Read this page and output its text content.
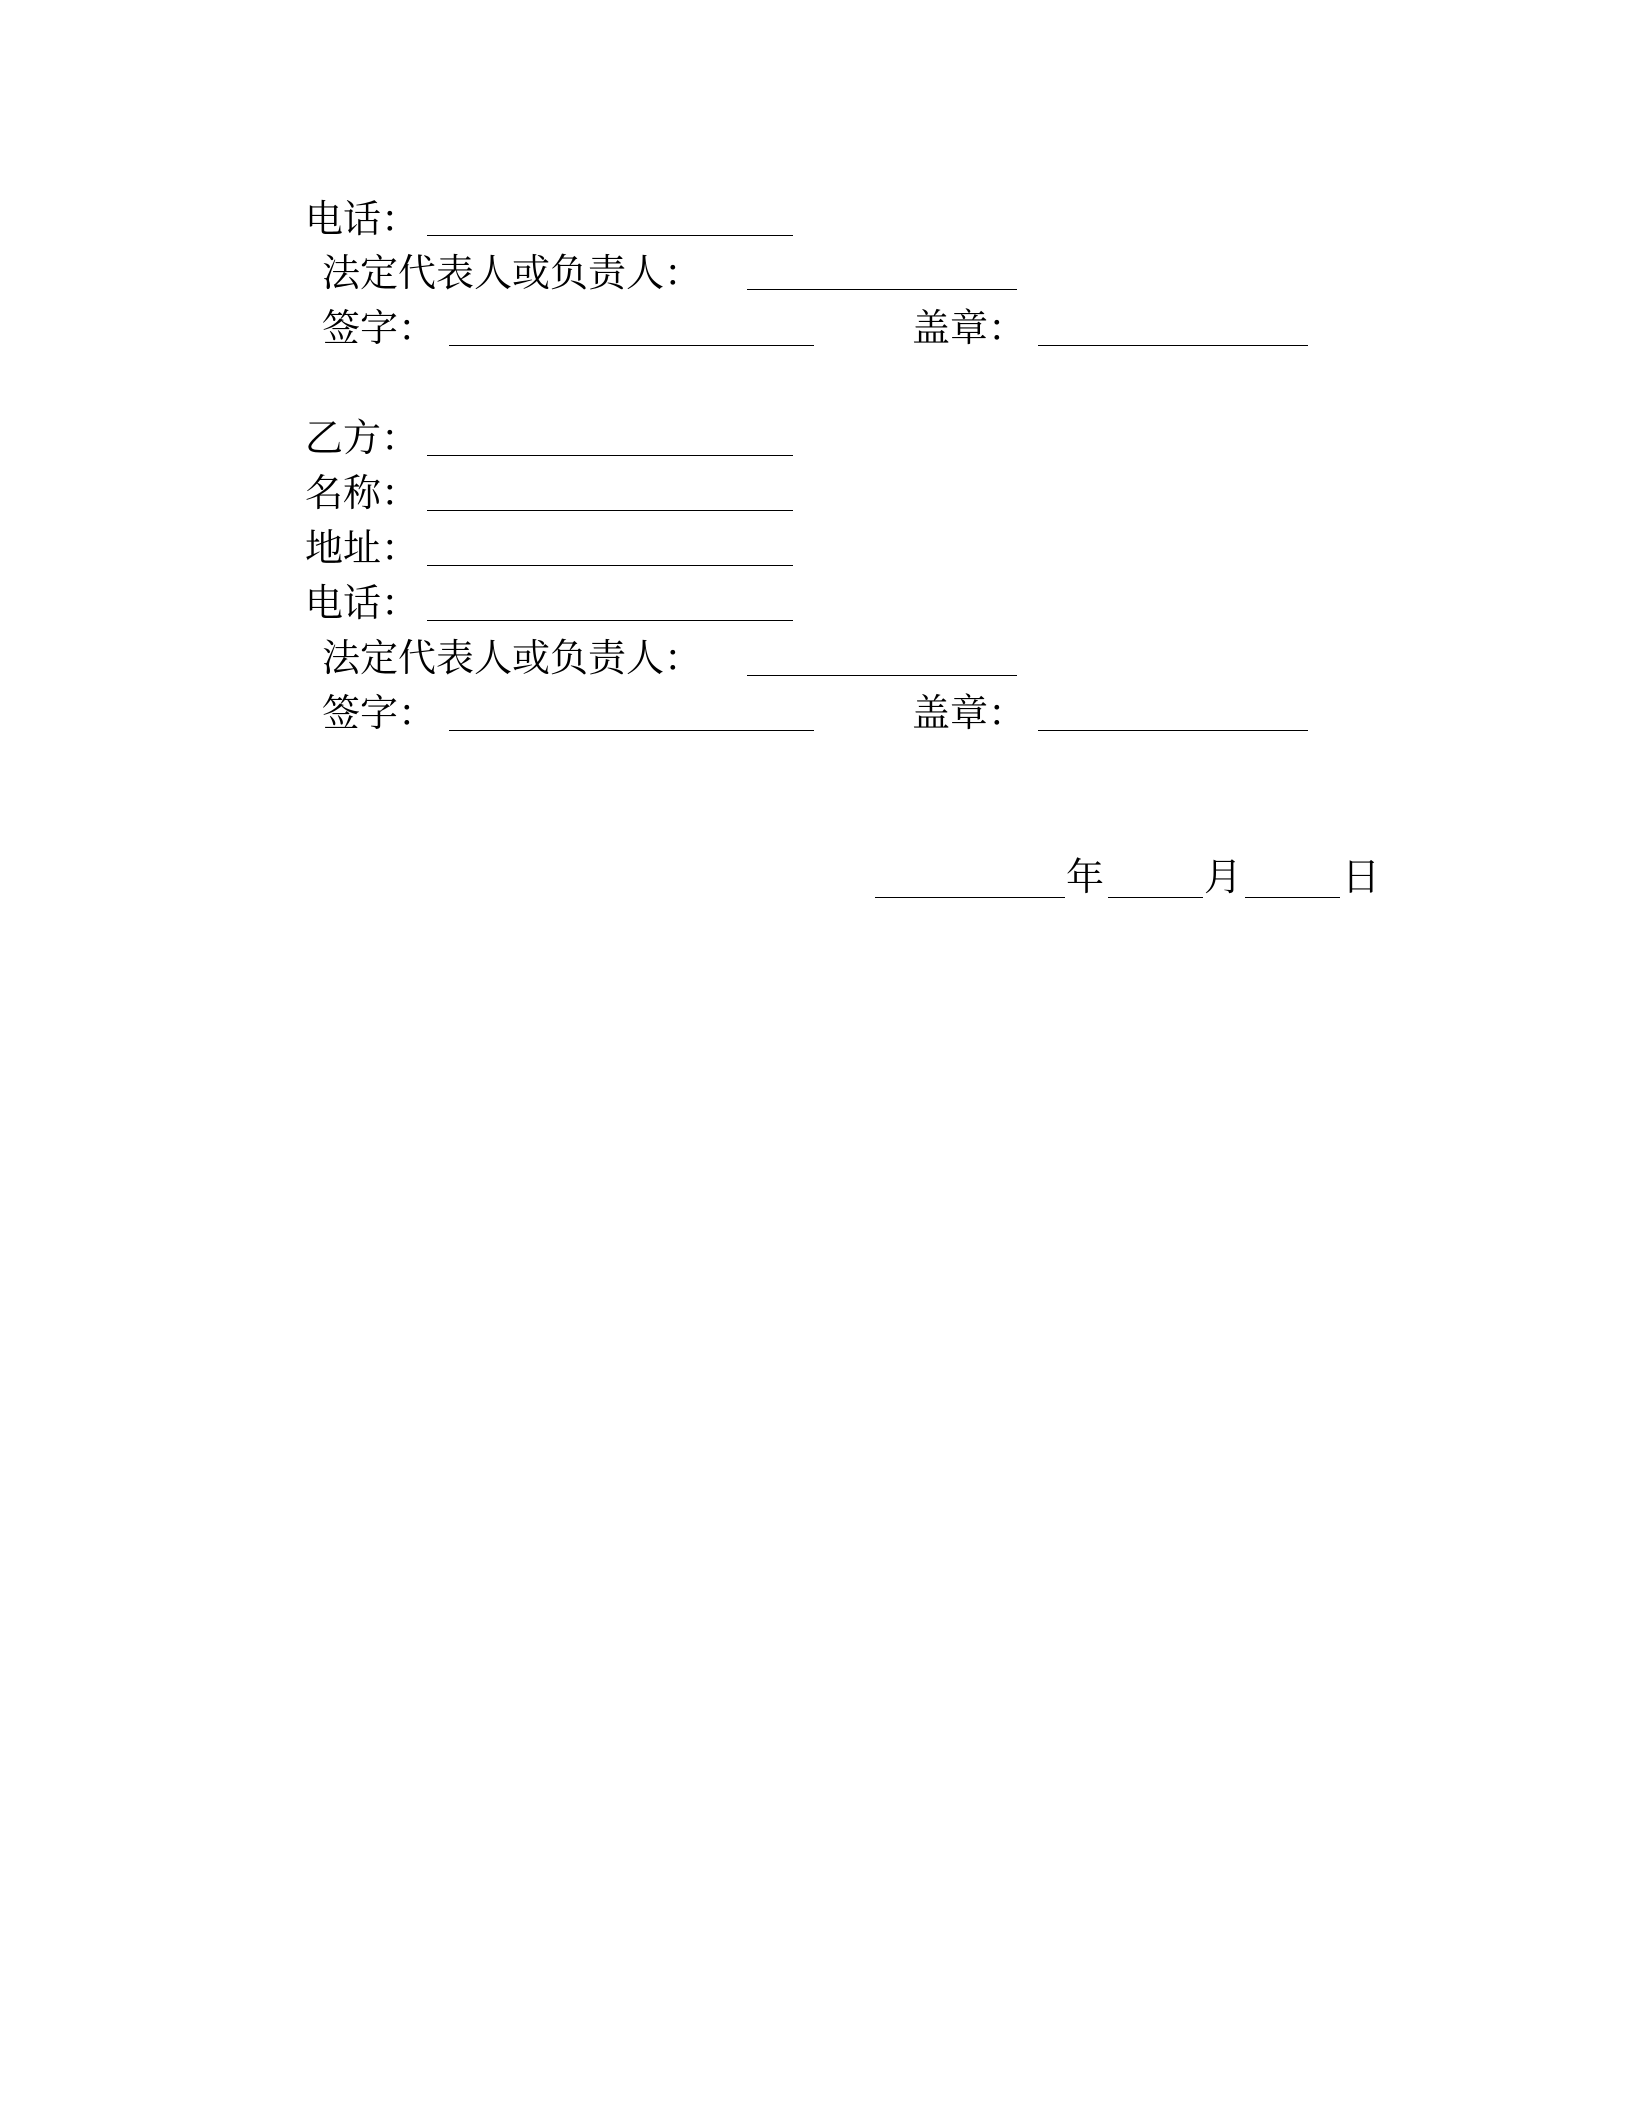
电话：
法定代表人或负责人：
签字：	盖章：
乙方：
名称：
地址：
电话：
法定代表人或负责人：
签字：	盖章：
年	月	日
